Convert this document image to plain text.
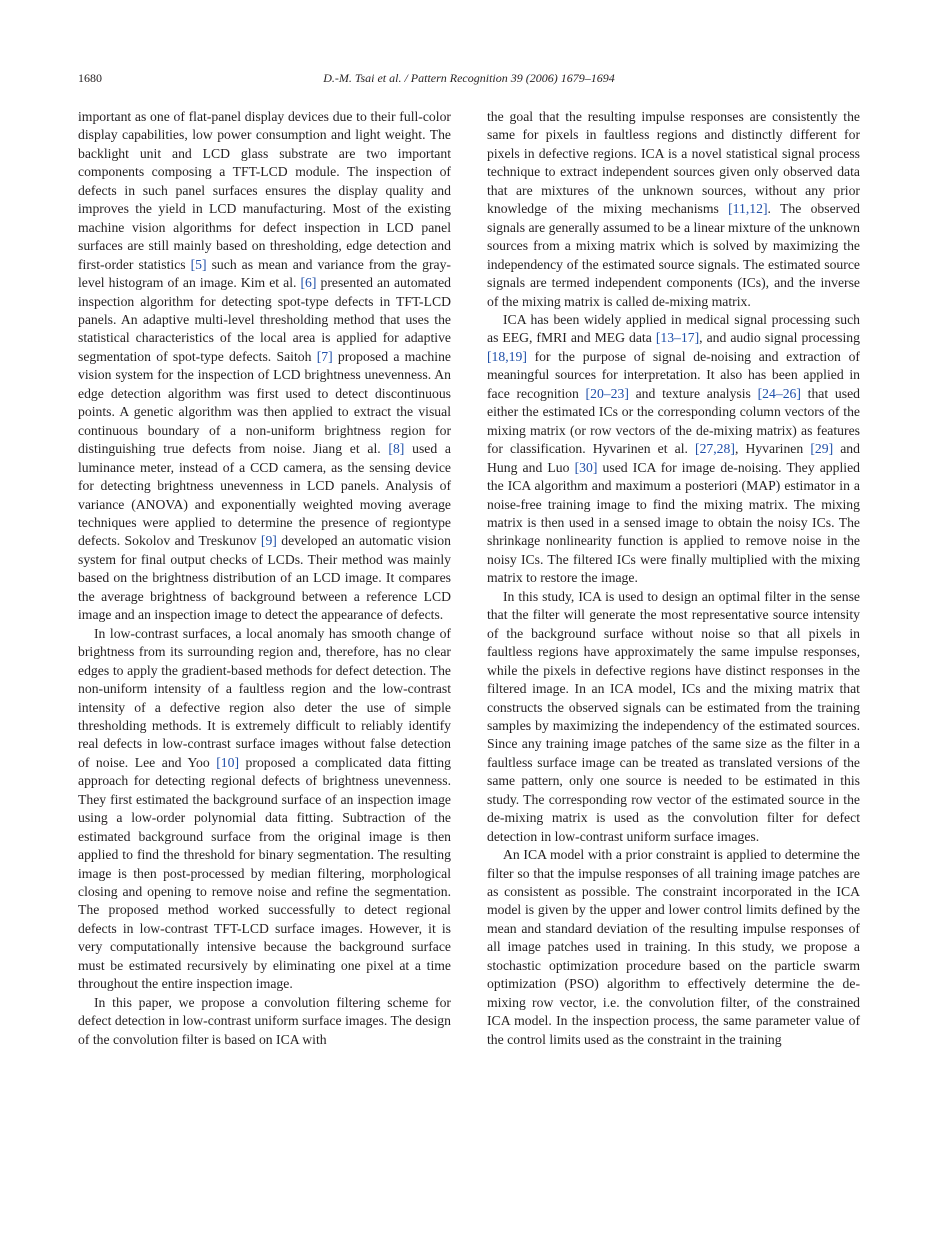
1680	D.-M. Tsai et al. / Pattern Recognition 39 (2006) 1679–1694

important as one of flat-panel display devices due to their full-color display capabilities, low power consumption and light weight. The backlight unit and LCD glass substrate are two important components composing a TFT-LCD module. The inspection of defects in such panel surfaces ensures the display quality and improves the yield in LCD manufacturing. Most of the existing machine vision algorithms for defect inspection in LCD panel surfaces are still mainly based on thresholding, edge detection and first-order statistics [5] such as mean and variance from the gray-level histogram of an image. Kim et al. [6] presented an automated inspection algorithm for detecting spot-type defects in TFT-LCD panels. An adaptive multi-level thresholding method that uses the statistical characteristics of the local area is applied for adaptive segmentation of spot-type defects. Saitoh [7] proposed a machine vision system for the inspection of LCD brightness unevenness. An edge detection algorithm was first used to detect discontinuous points. A genetic algorithm was then applied to extract the visual continuous boundary of a non-uniform brightness region for distinguishing true defects from noise. Jiang et al. [8] used a luminance meter, instead of a CCD camera, as the sensing device for detecting brightness unevenness in LCD panels. Analysis of variance (ANOVA) and exponentially weighted moving average techniques were applied to determine the presence of regiontype defects. Sokolov and Treskunov [9] developed an automatic vision system for final output checks of LCDs. Their method was mainly based on the brightness distribution of an LCD image. It compares the average brightness of background between a reference LCD image and an inspection image to detect the appearance of defects.

In low-contrast surfaces, a local anomaly has smooth change of brightness from its surrounding region and, therefore, has no clear edges to apply the gradient-based methods for defect detection. The non-uniform intensity of a faultless region and the low-contrast intensity of a defective region also deter the use of simple thresholding methods. It is extremely difficult to reliably identify real defects in low-contrast surface images without false detection of noise. Lee and Yoo [10] proposed a complicated data fitting approach for detecting regional defects of brightness unevenness. They first estimated the background surface of an inspection image using a low-order polynomial data fitting. Subtraction of the estimated background surface from the original image is then applied to find the threshold for binary segmentation. The resulting image is then post-processed by median filtering, morphological closing and opening to remove noise and refine the segmentation. The proposed method worked successfully to detect regional defects in low-contrast TFT-LCD surface images. However, it is very computationally intensive because the background surface must be estimated recursively by eliminating one pixel at a time throughout the entire inspection image.

In this paper, we propose a convolution filtering scheme for defect detection in low-contrast uniform surface images. The design of the convolution filter is based on ICA with

the goal that the resulting impulse responses are consistently the same for pixels in faultless regions and distinctly different for pixels in defective regions. ICA is a novel statistical signal process technique to extract independent sources given only observed data that are mixtures of the unknown sources, without any prior knowledge of the mixing mechanisms [11,12]. The observed signals are generally assumed to be a linear mixture of the unknown sources from a mixing matrix which is solved by maximizing the independency of the estimated source signals. The estimated source signals are termed independent components (ICs), and the inverse of the mixing matrix is called de-mixing matrix.

ICA has been widely applied in medical signal processing such as EEG, fMRI and MEG data [13–17], and audio signal processing [18,19] for the purpose of signal de-noising and extraction of meaningful sources for interpretation. It also has been applied in face recognition [20–23] and texture analysis [24–26] that used either the estimated ICs or the corresponding column vectors of the mixing matrix (or row vectors of the de-mixing matrix) as features for classification. Hyvarinen et al. [27,28], Hyvarinen [29] and Hung and Luo [30] used ICA for image de-noising. They applied the ICA algorithm and maximum a posteriori (MAP) estimator in a noise-free training image to find the mixing matrix. The mixing matrix is then used in a sensed image to obtain the noisy ICs. The shrinkage nonlinearity function is applied to remove noise in the noisy ICs. The filtered ICs were finally multiplied with the mixing matrix to restore the image.

In this study, ICA is used to design an optimal filter in the sense that the filter will generate the most representative source intensity of the background surface without noise so that all pixels in faultless regions have approximately the same impulse responses, while the pixels in defective regions have distinct responses in the filtered image. In an ICA model, ICs and the mixing matrix that constructs the observed signals can be estimated from the training samples by maximizing the independency of the estimated sources. Since any training image patches of the same size as the filter in a faultless surface image can be treated as translated versions of the same pattern, only one source is needed to be estimated in this study. The corresponding row vector of the estimated source in the de-mixing matrix is used as the convolution filter for defect detection in low-contrast uniform surface images.

An ICA model with a prior constraint is applied to determine the filter so that the impulse responses of all training image patches are as consistent as possible. The constraint incorporated in the ICA model is given by the upper and lower control limits defined by the mean and standard deviation of the resulting impulse responses of all image patches used in training. In this study, we propose a stochastic optimization procedure based on the particle swarm optimization (PSO) algorithm to effectively determine the de-mixing row vector, i.e. the convolution filter, of the constrained ICA model. In the inspection process, the same parameter value of the control limits used as the constraint in the training
